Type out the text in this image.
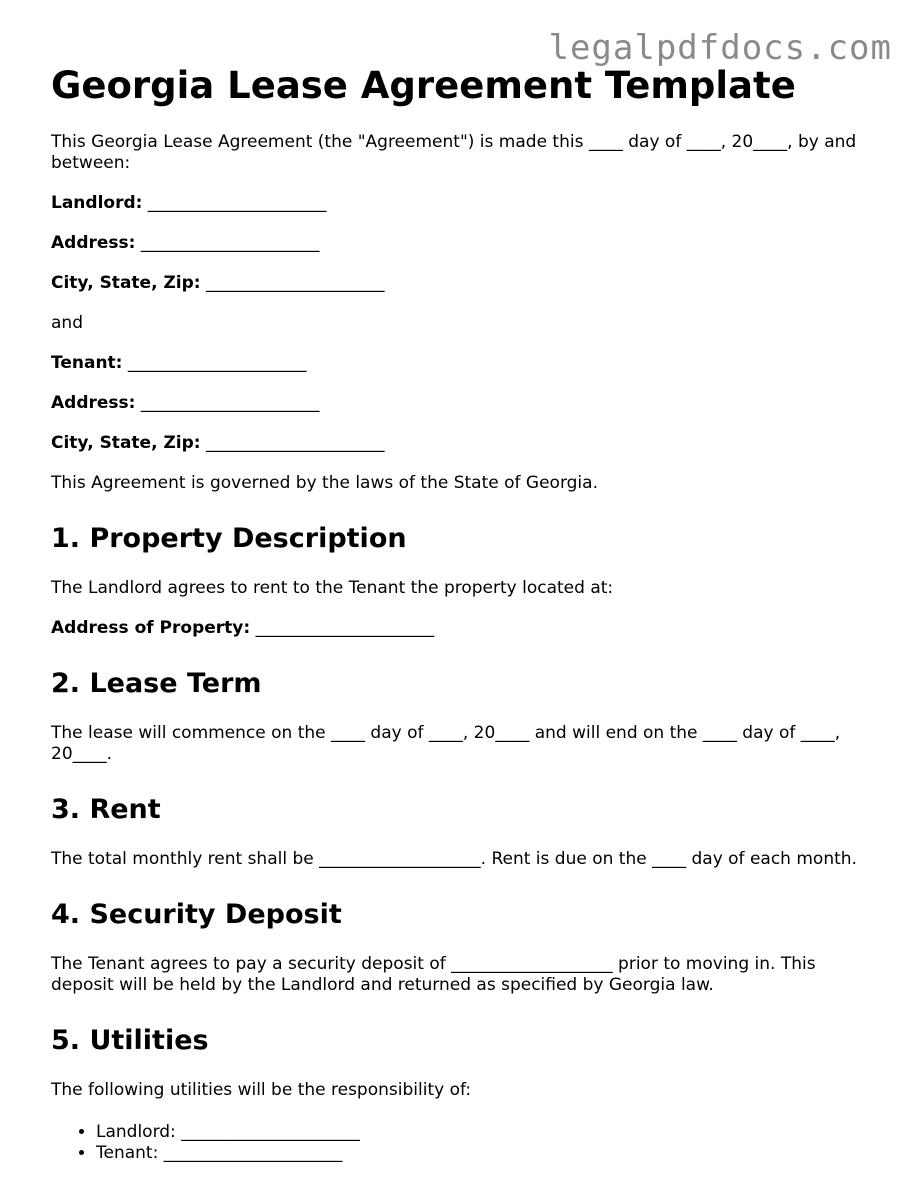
legalpdfdocs.com
Georgia Lease Agreement Template

This Georgia Lease Agreement (the "Agreement") is made this ____ day of ____, 20____, by and between:

Landlord: _____________________

Address: _____________________

City, State, Zip: _____________________

and

Tenant: _____________________

Address: _____________________

City, State, Zip: _____________________

This Agreement is governed by the laws of the State of Georgia.

1. Property Description

The Landlord agrees to rent to the Tenant the property located at:

Address of Property: _____________________

2. Lease Term

The lease will commence on the ____ day of ____, 20____ and will end on the ____ day of ____, 20____.

3. Rent

The total monthly rent shall be ___________________. Rent is due on the ____ day of each month.

4. Security Deposit

The Tenant agrees to pay a security deposit of ___________________ prior to moving in. This deposit will be held by the Landlord and returned as specified by Georgia law.

5. Utilities

The following utilities will be the responsibility of:

• Landlord: _____________________
• Tenant: _____________________
